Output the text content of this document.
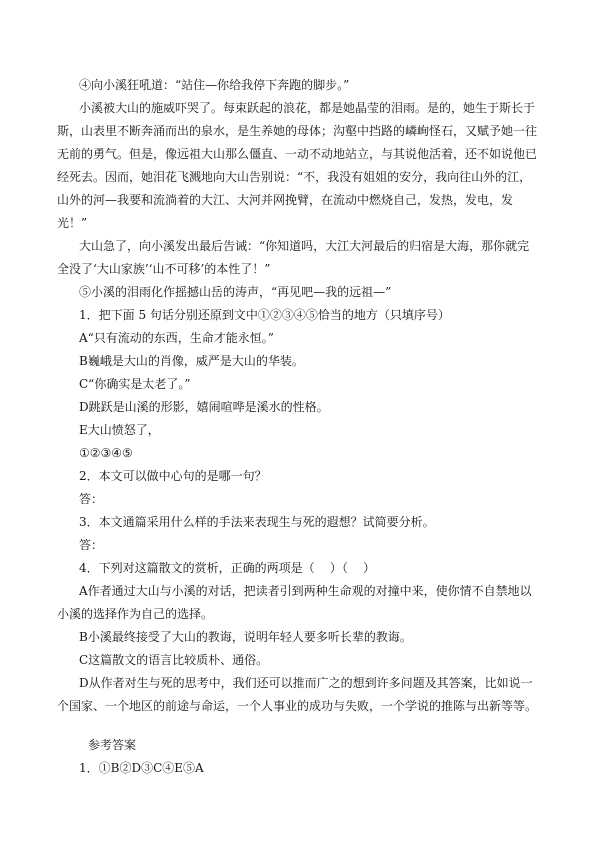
④向小溪狂吼道：“站住—你给我停下奔跑的脚步。”
小溪被大山的施威吓哭了。每束跃起的浪花，都是她晶莹的泪雨。是的，她生于斯长于
斯，山表里不断奔涌而出的泉水，是生养她的母体；沟壑中挡路的嶙峋怪石，又赋予她一往
无前的勇气。但是，像远祖大山那么僵直、一动不动地站立，与其说他活着，还不如说他已
经死去。因而，她泪花飞溅地向大山告别说：“不，我没有姐姐的安分，我向往山外的江，
山外的河—我要和流淌着的大江、大河并网挽臂，在流动中燃烧自己，发热，发电，发
光！”
大山急了，向小溪发出最后告诫：“你知道吗，大江大河最后的归宿是大海，那你就完
全没了‘大山家族’‘山不可移’的本性了！”
⑤小溪的泪雨化作摇撼山岳的涛声，“再见吧—我的远祖—”
1．把下面 5 句话分别还原到文中①②③④⑤恰当的地方（只填序号）
A“只有流动的东西，生命才能永恒。”
B巍峨是大山的肖像，威严是大山的华装。
C“你确实是太老了。”
D跳跃是山溪的形影，嬉闹喧哗是溪水的性格。
E大山愤怒了，
①②③④⑤
2．本文可以做中心句的是哪一句？
答：
3．本文通篇采用什么样的手法来表现生与死的遐想？试简要分析。
答：
4．下列对这篇散文的赏析，正确的两项是（    ）（    ）
A作者通过大山与小溪的对话，把读者引到两种生命观的对撞中来，使你情不自禁地以
小溪的选择作为自己的选择。
B小溪最终接受了大山的教诲，说明年轻人要多听长辈的教诲。
C这篇散文的语言比较质朴、通俗。
D从作者对生与死的思考中，我们还可以推而广之的想到许多问题及其答案，比如说一
个国家、一个地区的前途与命运，一个人事业的成功与失败，一个学说的推陈与出新等等。
参考答案
1．①B②D③C④E⑤A
